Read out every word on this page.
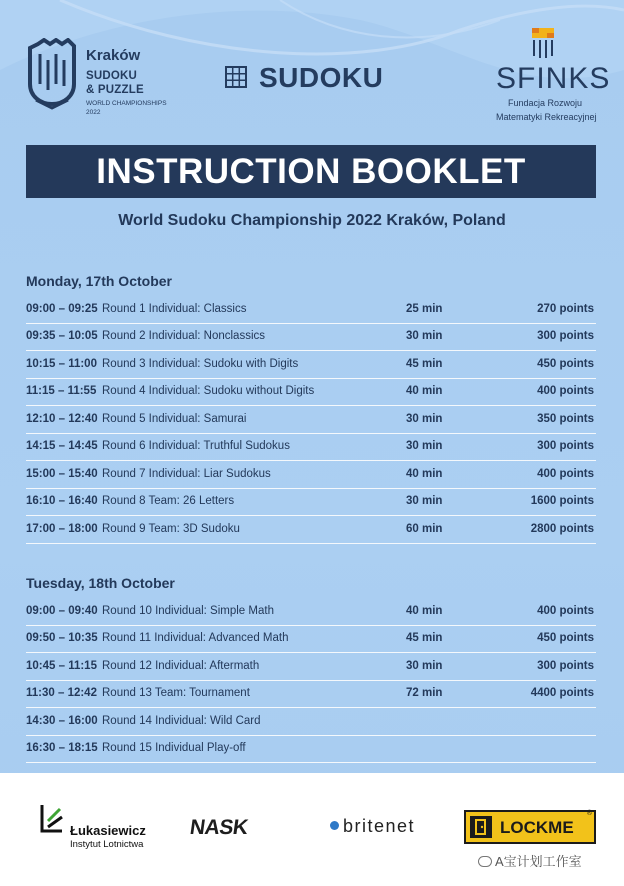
Kraków
SUDOKU
& PUZZLE
WORLD CHAMPIONSHIPS
2022
SUDOKU	SFINKS
Fundacja Rozwoju
Matematyki Rekreacyjnej
INSTRUCTION BOOKLET
World Sudoku Championship 2022 Kraków, Poland
Monday, 17th October
09:00 – 09:25 Round 1 Individual: Classics	25 min	270 points
09:35 – 10:05 Round 2 Individual: Nonclassics	30 min	300 points
10:15 – 11:00 Round 3 Individual: Sudoku with Digits	45 min	450 points
11:15 – 11:55 Round 4 Individual: Sudoku without Digits	40 min	400 points
12:10 – 12:40 Round 5 Individual: Samurai	30 min	350 points
14:15 – 14:45 Round 6 Individual: Truthful Sudokus	30 min	300 points
15:00 – 15:40 Round 7 Individual: Liar Sudokus	40 min	400 points
16:10 – 16:40 Round 8 Team: 26 Letters	30 min	1600 points
17:00 – 18:00 Round 9 Team: 3D Sudoku	60 min	2800 points
Tuesday, 18th October
09:00 – 09:40 Round 10 Individual: Simple Math	40 min	400 points
09:50 – 10:35 Round 11 Individual: Advanced Math	45 min	450 points
10:45 – 11:15 Round 12 Individual: Aftermath	30 min	300 points
11:30 – 12:42 Round 13 Team: Tournament	72 min	4400 points
14:30 – 16:00 Round 14 Individual: Wild Card
16:30 – 18:15 Round 15 Individual Play-off
Łukasiewicz
Instytut Lotnictwa
NASK	britenet	LOCKME
®
A宝计划工作室
